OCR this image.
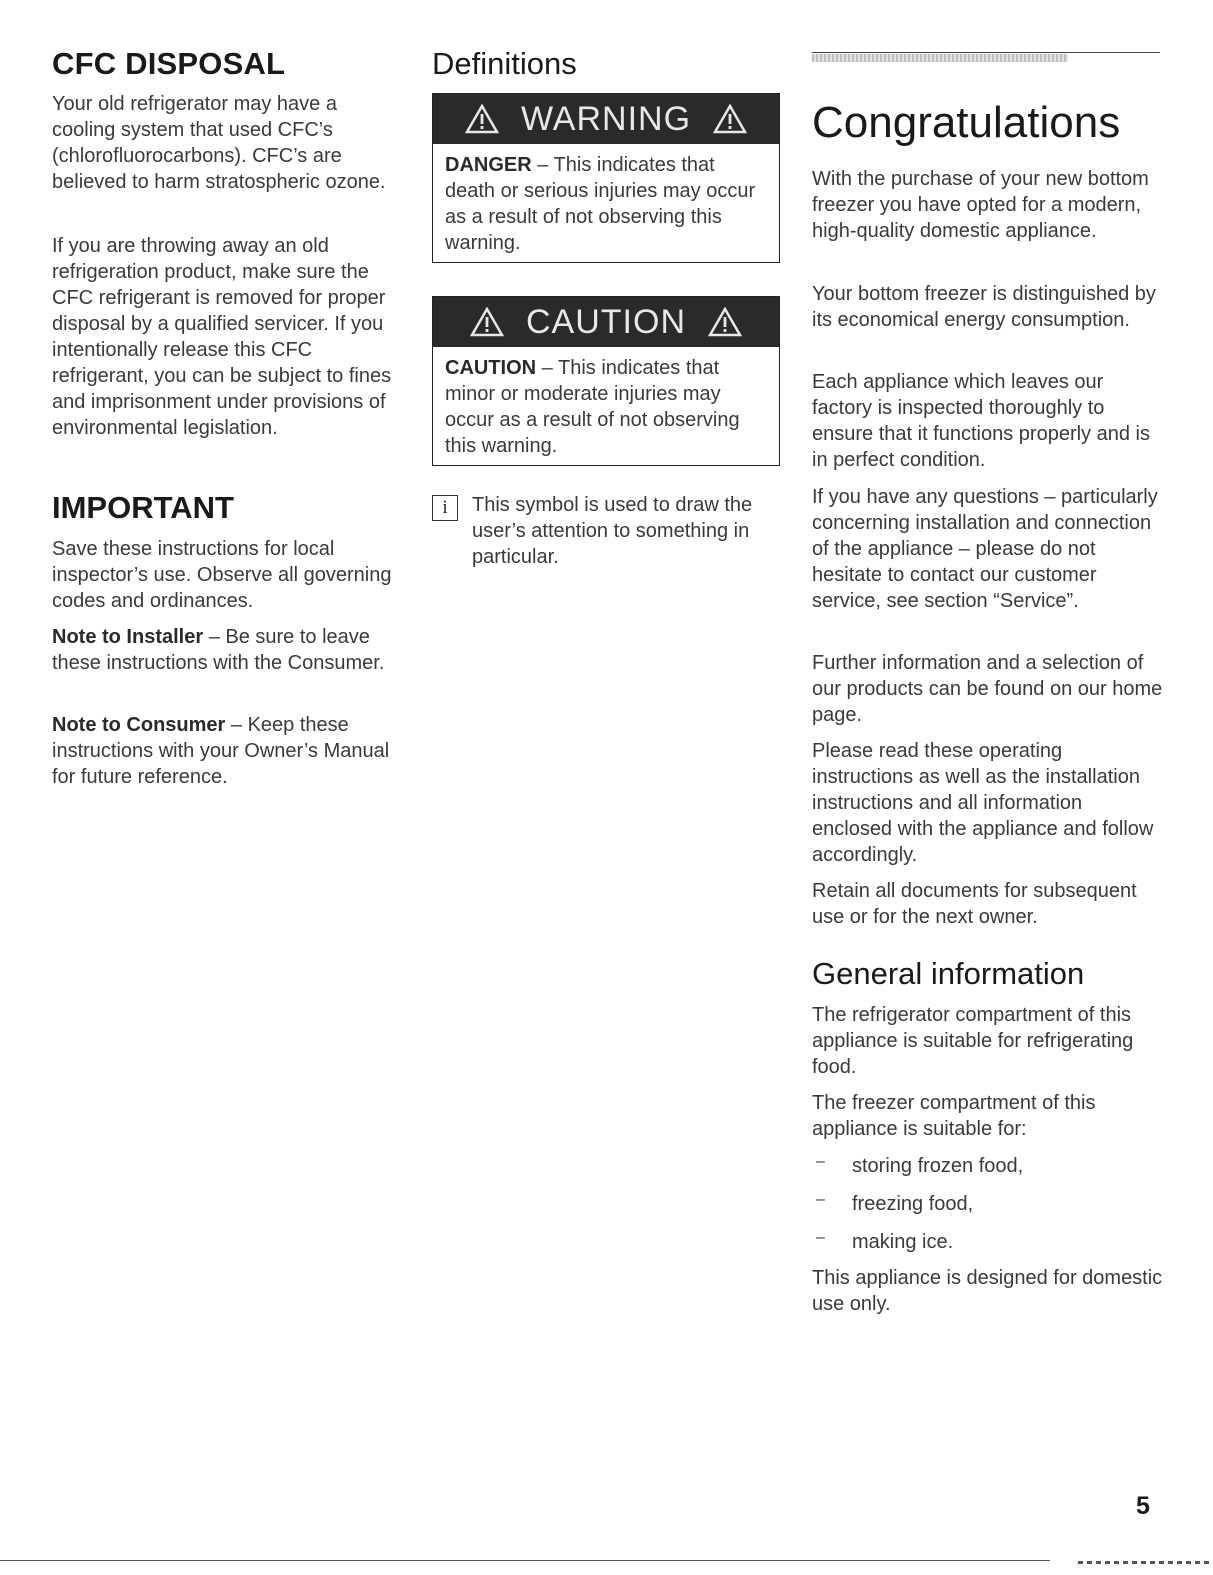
CFC DISPOSAL

Your old refrigerator may have a cooling system that used CFC’s (chlorofluorocarbons). CFC’s are believed to harm stratospheric ozone.

If you are throwing away an old refrigeration product, make sure the CFC refrigerant is removed for proper disposal by a qualified servicer. If you intentionally release this CFC refrigerant, you can be subject to fines and imprisonment under provisions of environmental legislation.

IMPORTANT

Save these instructions for local inspector’s use. Observe all governing codes and ordinances.

Note to Installer – Be sure to leave these instructions with the Consumer.

Note to Consumer – Keep these instructions with your Owner’s Manual for future reference.

Definitions
WARNING
DANGER – This indicates that death or serious injuries may occur as a result of not observing this warning.
CAUTION
CAUTION – This indicates that minor or moderate injuries may occur as a result of not observing this warning.
i	This symbol is used to draw the user’s attention to something in particular.

Congratulations

With the purchase of your new bottom freezer you have opted for a modern, high-quality domestic appliance.

Your bottom freezer is distinguished by its economical energy consumption.

Each appliance which leaves our factory is inspected thoroughly to ensure that it functions properly and is in perfect condition.

If you have any questions – particularly concerning installation and connection of the appliance – please do not hesitate to contact our customer service, see section “Service”.

Further information and a selection of our products can be found on our home page.

Please read these operating instructions as well as the installation instructions and all information enclosed with the appliance and follow accordingly.

Retain all documents for subsequent use or for the next owner.

General information

The refrigerator compartment of this appliance is suitable for refrigerating food.

The freezer compartment of this appliance is suitable for:

–	storing frozen food,

–	freezing food,

–	making ice.

This appliance is designed for domestic use only.

5
